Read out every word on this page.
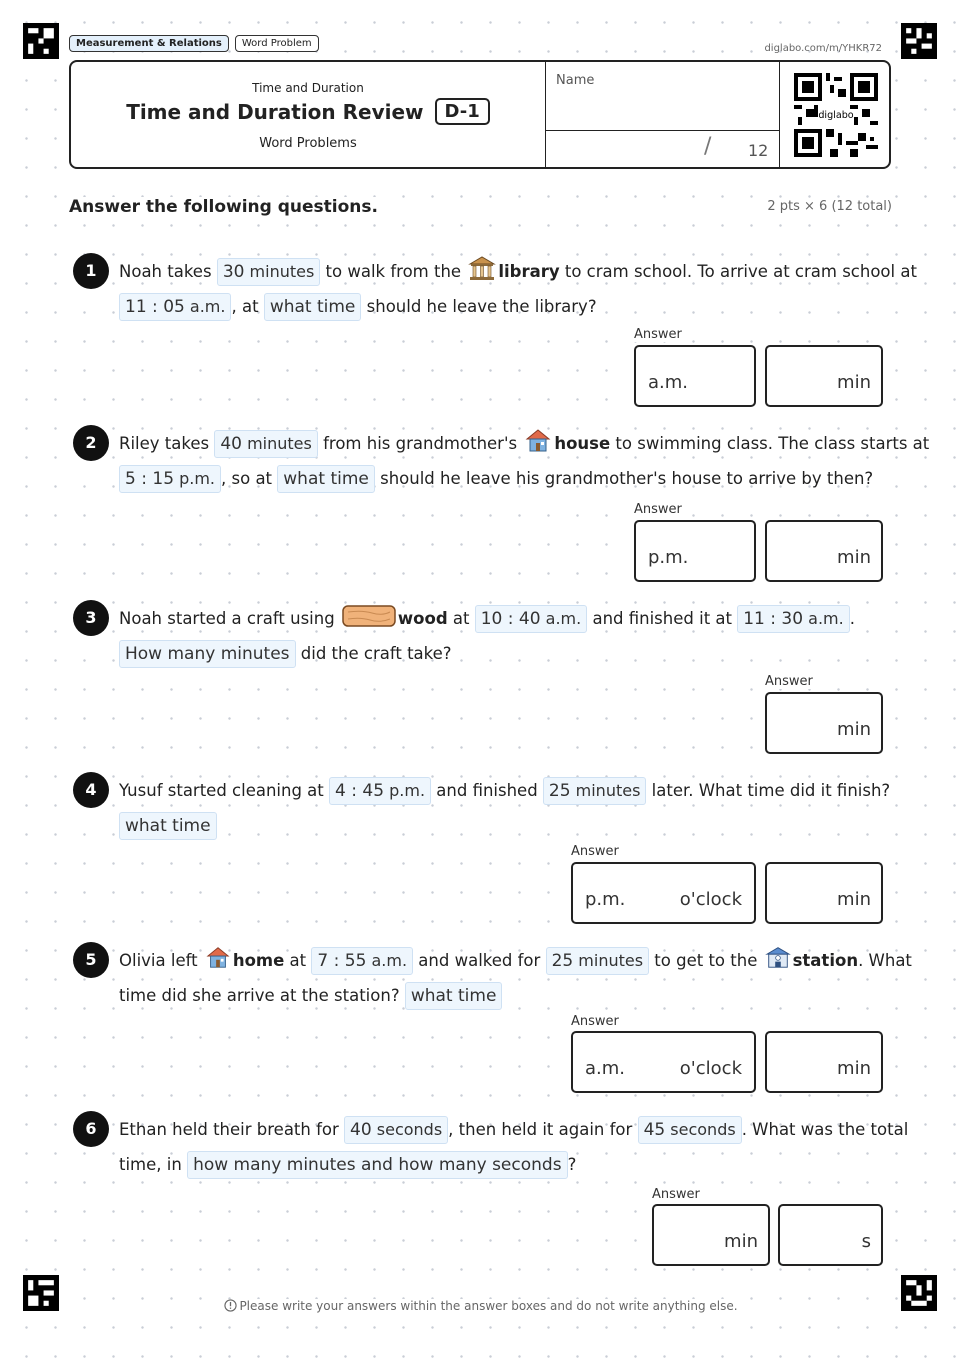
Measurement & Relations	Word Problem	diglabo.com/m/YHKR72
Time and Duration
Time and Duration Review	D-1
Word Problems
Name
/ 12
diglabo
Answer the following questions.	2 pts × 6 (12 total)
1	Noah takes 30 minutes to walk from the library to cram school. To arrive at cram school at
11 : 05 a.m. , at what time should he leave the library?
Answer
a.m.	min
2	Riley takes 40 minutes from his grandmother's house to swimming class. The class starts at
5 : 15 p.m. , so at what time should he leave his grandmother's house to arrive by then?
Answer
p.m.	min
3	Noah started a craft using	wood at 10 : 40 a.m. and finished it at 11 : 30 a.m. .
How many minutes did the craft take?
Answer
min
4	Yusuf started cleaning at 4 : 45 p.m. and finished 25 minutes later. What time did it finish?
what time
Answer
p.m.	o'clock	min
5	Olivia left home at 7 : 55 a.m. and walked for 25 minutes to get to the station. What
time did she arrive at the station? what time
Answer
a.m.	o'clock	min
6	Ethan held their breath for 40 seconds , then held it again for 45 seconds . What was the total
time, in how many minutes and how many seconds ?
Answer
min	s
Please write your answers within the answer boxes and do not write anything else.
